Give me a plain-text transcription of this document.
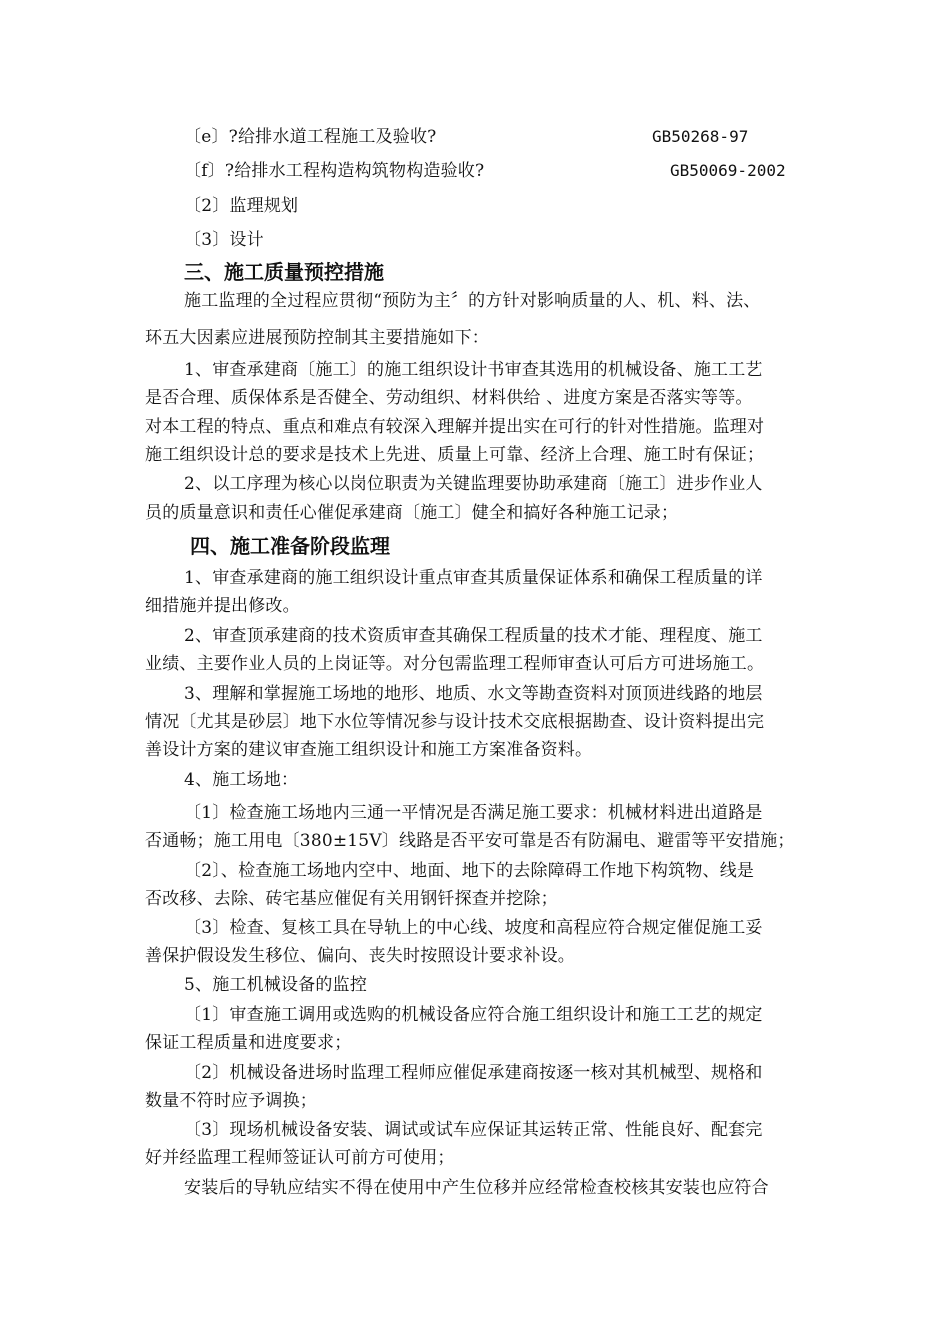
〔e〕?给排水道工程施工及验收?	GB50268-97
〔f〕?给排水工程构造构筑物构造验收?	GB50069-2002
〔2〕监理规划
〔3〕设计
三、施工质量预控措施
施工监理的全过程应贯彻“预防为主〞的方针对影响质量的人、机、料、法、
环五大因素应进展预防控制其主要措施如下：
1、审查承建商〔施工〕的施工组织设计书审查其选用的机械设备、施工工艺
是否合理、质保体系是否健全、劳动组织、材料供给 、进度方案是否落实等等。
对本工程的特点、重点和难点有较深入理解并提出实在可行的针对性措施。监理对
施工组织设计总的要求是技术上先进、质量上可靠、经济上合理、施工时有保证；
2、以工序理为核心以岗位职责为关键监理要协助承建商〔施工〕进步作业人
员的质量意识和责任心催促承建商〔施工〕健全和搞好各种施工记录；
四、施工准备阶段监理
1、审查承建商的施工组织设计重点审查其质量保证体系和确保工程质量的详
细措施并提出修改。
2、审查顶承建商的技术资质审查其确保工程质量的技术才能、理程度、施工
业绩、主要作业人员的上岗证等。对分包需监理工程师审查认可后方可进场施工。
3、理解和掌握施工场地的地形、地质、水文等勘查资料对顶顶进线路的地层
情况〔尤其是砂层〕地下水位等情况参与设计技术交底根据勘查、设计资料提出完
善设计方案的建议审查施工组织设计和施工方案准备资料。
4、施工场地：
〔1〕检查施工场地内三通一平情况是否满足施工要求：机械材料进出道路是
否通畅；施工用电〔380±15V〕线路是否平安可靠是否有防漏电、避雷等平安措施；
〔2〕、检查施工场地内空中、地面、地下的去除障碍工作地下构筑物、线是
否改移、去除、砖宅基应催促有关用钢钎探查并挖除；
〔3〕检查、复核工具在导轨上的中心线、坡度和高程应符合规定催促施工妥
善保护假设发生移位、偏向、丧失时按照设计要求补设。
5、施工机械设备的监控
〔1〕审查施工调用或选购的机械设备应符合施工组织设计和施工工艺的规定
保证工程质量和进度要求；
〔2〕机械设备进场时监理工程师应催促承建商按逐一核对其机械型、规格和
数量不符时应予调换；
〔3〕现场机械设备安装、调试或试车应保证其运转正常、性能良好、配套完
好并经监理工程师签证认可前方可使用；
安装后的导轨应结实不得在使用中产生位移并应经常检查校核其安装也应符合
